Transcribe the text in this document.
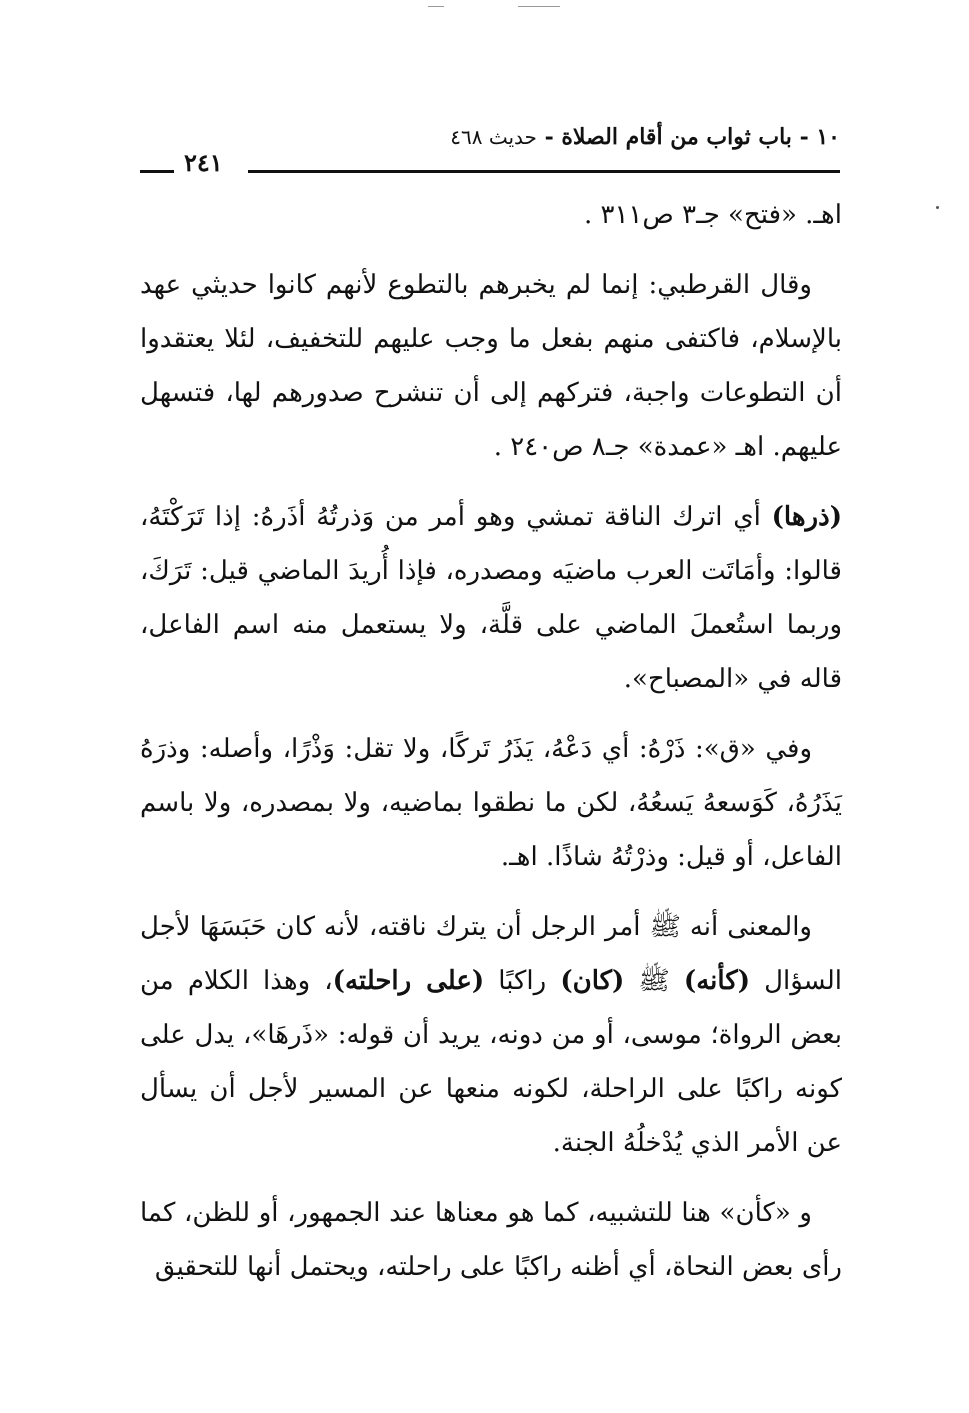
١٠ - باب ثواب من أقام الصلاة - حديث ٤٦٨
٢٤١

اهـ. «فتح» جـ٣ ص٣١١ .

وقال القرطبي: إنما لم يخبرهم بالتطوع لأنهم كانوا حديثي عهد بالإسلام، فاكتفى منهم بفعل ما وجب عليهم للتخفيف، لئلا يعتقدوا أن التطوعات واجبة، فتركهم إلى أن تنشرح صدورهم لها، فتسهل عليهم. اهـ «عمدة» جـ٨ ص٢٤٠ .

(ذرها) أي اترك الناقة تمشي وهو أمر من وَذرتُهُ أذَرهُ: إذا تَرَكْتَهُ، قالوا: وأمَاتَت العرب ماضيَه ومصدره، فإذا أُريدَ الماضي قيل: تَرَكَ، وربما استُعملَ الماضي على قلَّة، ولا يستعمل منه اسم الفاعل، قاله في «المصباح».

وفي «ق»: ذَرْهُ: أي دَعْهُ، يَذَرُ تَركًا، ولا تقل: وَذْرًا، وأصله: وذرَهُ يَذَرُهُ، كَوَسعهُ يَسعُهُ، لكن ما نطقوا بماضيه، ولا بمصدره، ولا باسم الفاعل، أو قيل: وذرْتُهُ شاذًا. اهـ.

والمعنى أنه ﷺ أمر الرجل أن يترك ناقته، لأنه كان حَبَسَهَا لأجل السؤال (كأنه) ﷺ (كان) راكبًا (على راحلته)، وهذا الكلام من بعض الرواة؛ موسى، أو من دونه، يريد أن قوله: «ذَرهَا»، يدل على كونه راكبًا على الراحلة، لكونه منعها عن المسير لأجل أن يسأل عن الأمر الذي يُدْخلُهُ الجنة.

و «كأن» هنا للتشبيه، كما هو معناها عند الجمهور، أو للظن، كما رأى بعض النحاة، أي أظنه راكبًا على راحلته، ويحتمل أنها للتحقيق
